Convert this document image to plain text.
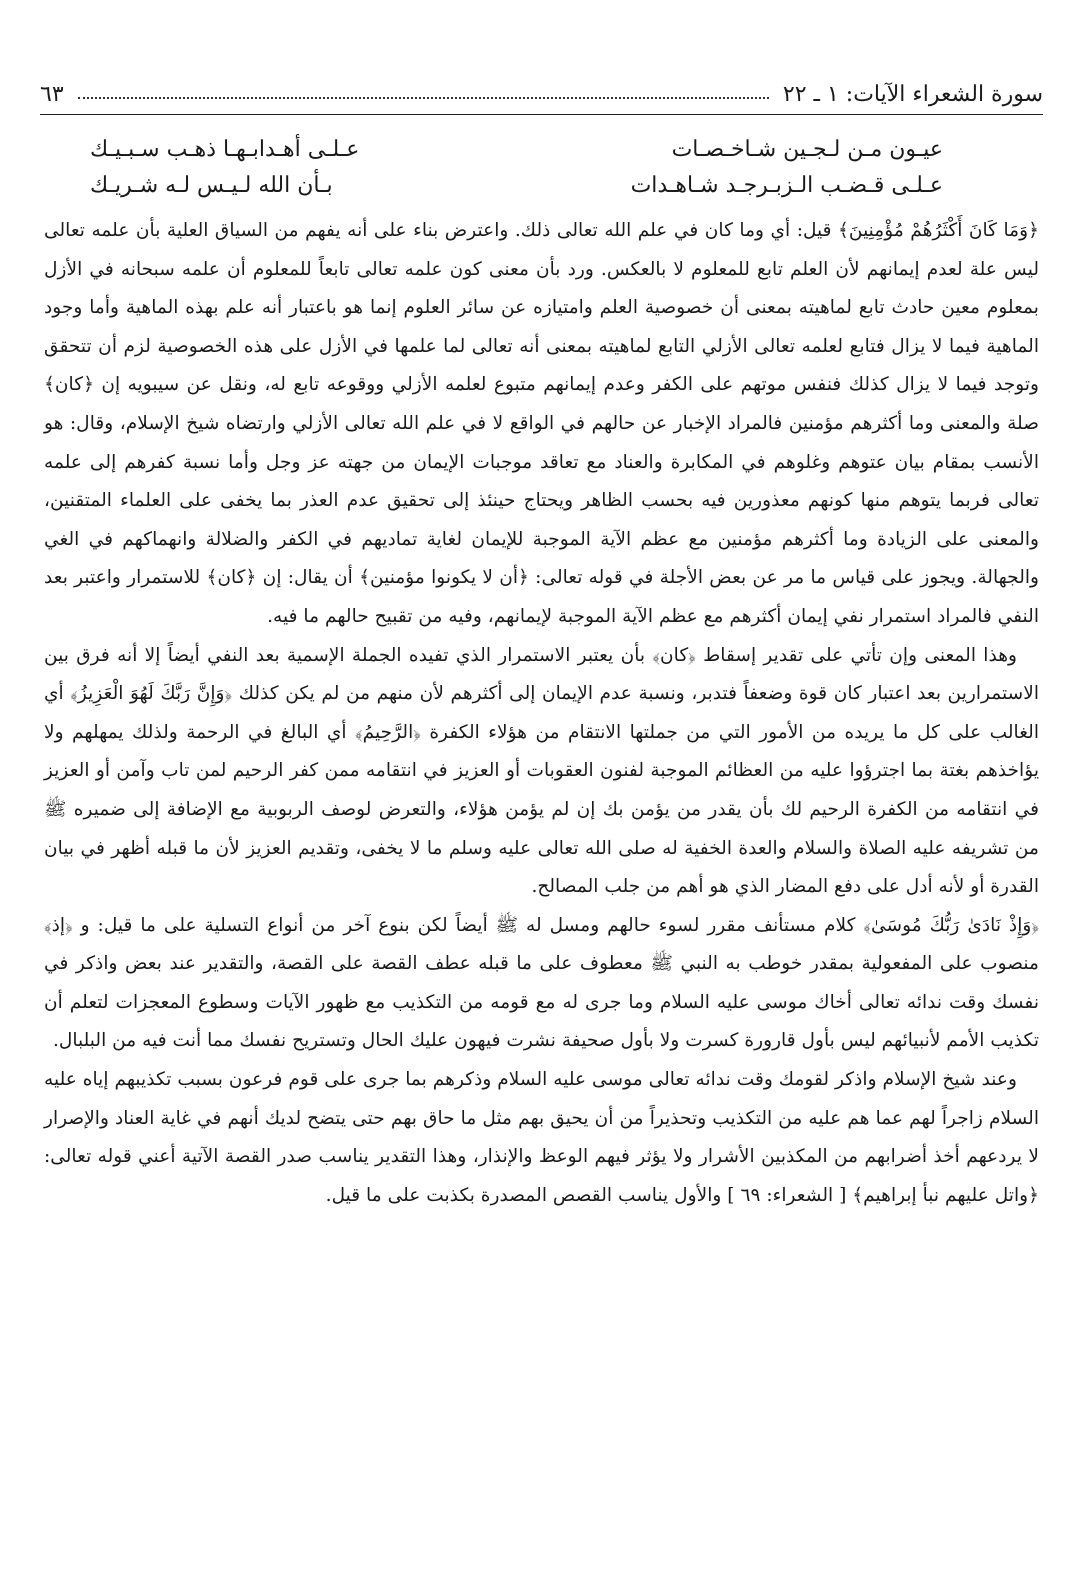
سورة الشعراء الآيات: ١ ـ ٢٢
٦٣
عيـون مـن لـجـين شـاخـصـات
عـلـى أهـدابـهـا ذهـب سـبـيـك
عـلـى قـضـب الـزبـرجـد شـاهـدات
بـأن الله لـيـس لـه شـريـك

﴿وَمَا كَانَ أَكْثَرُهُمْ مُؤْمِنِينَ﴾ قيل: أي وما كان في علم الله تعالى ذلك. واعترض بناء على أنه يفهم من السياق العلية بأن علمه تعالى ليس علة لعدم إيمانهم لأن العلم تابع للمعلوم لا بالعكس. ورد بأن معنى كون علمه تعالى تابعاً للمعلوم أن علمه سبحانه في الأزل بمعلوم معين حادث تابع لماهيته بمعنى أن خصوصية العلم وامتيازه عن سائر العلوم إنما هو باعتبار أنه علم بهذه الماهية وأما وجود الماهية فيما لا يزال فتابع لعلمه تعالى الأزلي التابع لماهيته بمعنى أنه تعالى لما علمها في الأزل على هذه الخصوصية لزم أن تتحقق وتوجد فيما لا يزال كذلك فنفس موتهم على الكفر وعدم إيمانهم متبوع لعلمه الأزلي ووقوعه تابع له، ونقل عن سيبويه إن ﴿كان﴾ صلة والمعنى وما أكثرهم مؤمنين فالمراد الإخبار عن حالهم في الواقع لا في علم الله تعالى الأزلي وارتضاه شيخ الإسلام، وقال: هو الأنسب بمقام بيان عتوهم وغلوهم في المكابرة والعناد مع تعاقد موجبات الإيمان من جهته عز وجل وأما نسبة كفرهم إلى علمه تعالى فربما يتوهم منها كونهم معذورين فيه بحسب الظاهر ويحتاج حينئذ إلى تحقيق عدم العذر بما يخفى على العلماء المتقنين، والمعنى على الزيادة وما أكثرهم مؤمنين مع عظم الآية الموجبة للإيمان لغاية تماديهم في الكفر والضلالة وانهماكهم في الغي والجهالة. ويجوز على قياس ما مر عن بعض الأجلة في قوله تعالى: ﴿أن لا يكونوا مؤمنين﴾ أن يقال: إن ﴿كان﴾ للاستمرار واعتبر بعد النفي فالمراد استمرار نفي إيمان أكثرهم مع عظم الآية الموجبة لإيمانهم، وفيه من تقبيح حالهم ما فيه.

وهذا المعنى وإن تأتي على تقدير إسقاط ﴿كان﴾ بأن يعتبر الاستمرار الذي تفيده الجملة الإسمية بعد النفي أيضاً إلا أنه فرق بين الاستمرارين بعد اعتبار كان قوة وضعفاً فتدبر، ونسبة عدم الإيمان إلى أكثرهم لأن منهم من لم يكن كذلك ﴿وَإِنَّ رَبَّكَ لَهُوَ الْعَزِيزُ﴾ أي الغالب على كل ما يريده من الأمور التي من جملتها الانتقام من هؤلاء الكفرة ﴿الرَّحِيمُ﴾ أي البالغ في الرحمة ولذلك يمهلهم ولا يؤاخذهم بغتة بما اجترؤوا عليه من العظائم الموجبة لفنون العقوبات أو العزيز في انتقامه ممن كفر الرحيم لمن تاب وآمن أو العزيز في انتقامه من الكفرة الرحيم لك بأن يقدر من يؤمن بك إن لم يؤمن هؤلاء، والتعرض لوصف الربوبية مع الإضافة إلى ضميره ﷺ من تشريفه عليه الصلاة والسلام والعدة الخفية له صلى الله تعالى عليه وسلم ما لا يخفى، وتقديم العزيز لأن ما قبله أظهر في بيان القدرة أو لأنه أدل على دفع المضار الذي هو أهم من جلب المصالح.

﴿وَإِذْ نَادَىٰ رَبُّكَ مُوسَىٰ﴾ كلام مستأنف مقرر لسوء حالهم ومسل له ﷺ أيضاً لكن بنوع آخر من أنواع التسلية على ما قيل: و ﴿إذ﴾ منصوب على المفعولية بمقدر خوطب به النبي ﷺ معطوف على ما قبله عطف القصة على القصة، والتقدير عند بعض واذكر في نفسك وقت ندائه تعالى أخاك موسى عليه السلام وما جرى له مع قومه من التكذيب مع ظهور الآيات وسطوع المعجزات لتعلم أن تكذيب الأمم لأنبيائهم ليس بأول قارورة كسرت ولا بأول صحيفة نشرت فيهون عليك الحال وتستريح نفسك مما أنت فيه من البلبال.

وعند شيخ الإسلام واذكر لقومك وقت ندائه تعالى موسى عليه السلام وذكرهم بما جرى على قوم فرعون بسبب تكذيبهم إياه عليه السلام زاجراً لهم عما هم عليه من التكذيب وتحذيراً من أن يحيق بهم مثل ما حاق بهم حتى يتضح لديك أنهم في غاية العناد والإصرار لا يردعهم أخذ أضرابهم من المكذبين الأشرار ولا يؤثر فيهم الوعظ والإنذار، وهذا التقدير يناسب صدر القصة الآتية أعني قوله تعالى: ﴿واتل عليهم نبأ إبراهيم﴾ [ الشعراء: ٦٩ ] والأول يناسب القصص المصدرة بكذبت على ما قيل.
